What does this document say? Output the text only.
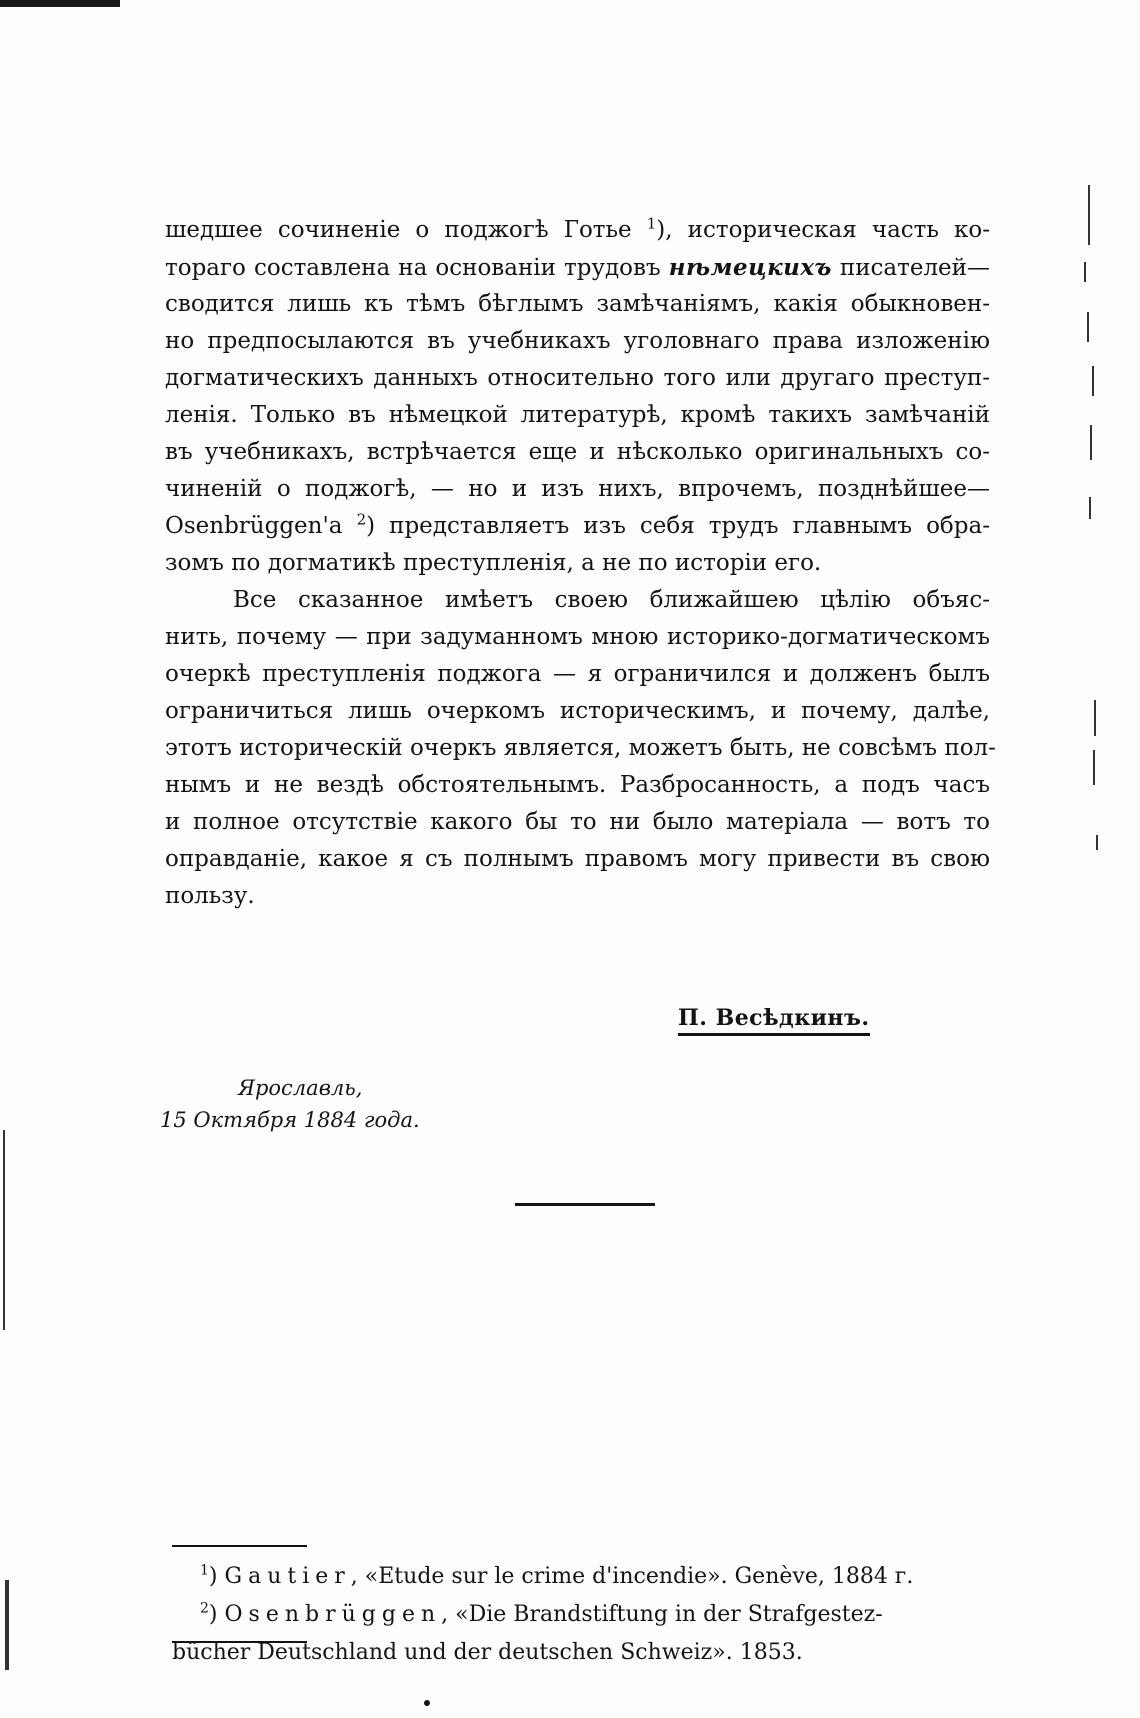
шедшее сочиненіе о поджогѣ Готье $^1$), историческая часть ко-

тораго составлена на основаніи трудовъ нѣмецкихъ писателей—

сводится лишь къ тѣмъ бѣглымъ замѣчаніямъ, какія обыкновен-

но предпосылаются въ учебникахъ уголовнаго права изложенію

догматическихъ данныхъ относительно того или другаго преступ-

ленія. Только въ нѣмецкой литературѣ, кромѣ такихъ замѣчаній

въ учебникахъ, встрѣчается еще и нѣсколько оригинальныхъ со-

чиненій о поджогѣ, — но и изъ нихъ, впрочемъ, позднѣйшее—

Osenbrüggen'a $^2$) представляетъ изъ себя трудъ главнымъ обра-

зомъ по догматикѣ преступленія, а не по исторіи его.

Все сказанное имѣетъ своею ближайшею цѣлію объяс-

нить, почему — при задуманномъ мною историко-догматическомъ

очеркѣ преступленія поджога — я ограничился и долженъ былъ

ограничиться лишь очеркомъ историческимъ, и почему, далѣе,

этотъ историческій очеркъ является, можетъ быть, не совсѣмъ пол-

нымъ и не вездѣ обстоятельнымъ. Разбросанность, а подъ часъ

и полное отсутствіе какого бы то ни было матеріала — вотъ то

оправданіе, какое я съ полнымъ правомъ могу привести въ свою

пользу.

П. Весѣдкинъ.
Ярославль,
15 Октября 1884 года.

$^1$) Gautier, «Etude sur le crime d'incendie». Genève, 1884 г.

$^2$) Osenbrüggen, «Die Brandstiftung in der Strafgestez-

bücher Deutschland und der deutschen Schweiz». 1853.
